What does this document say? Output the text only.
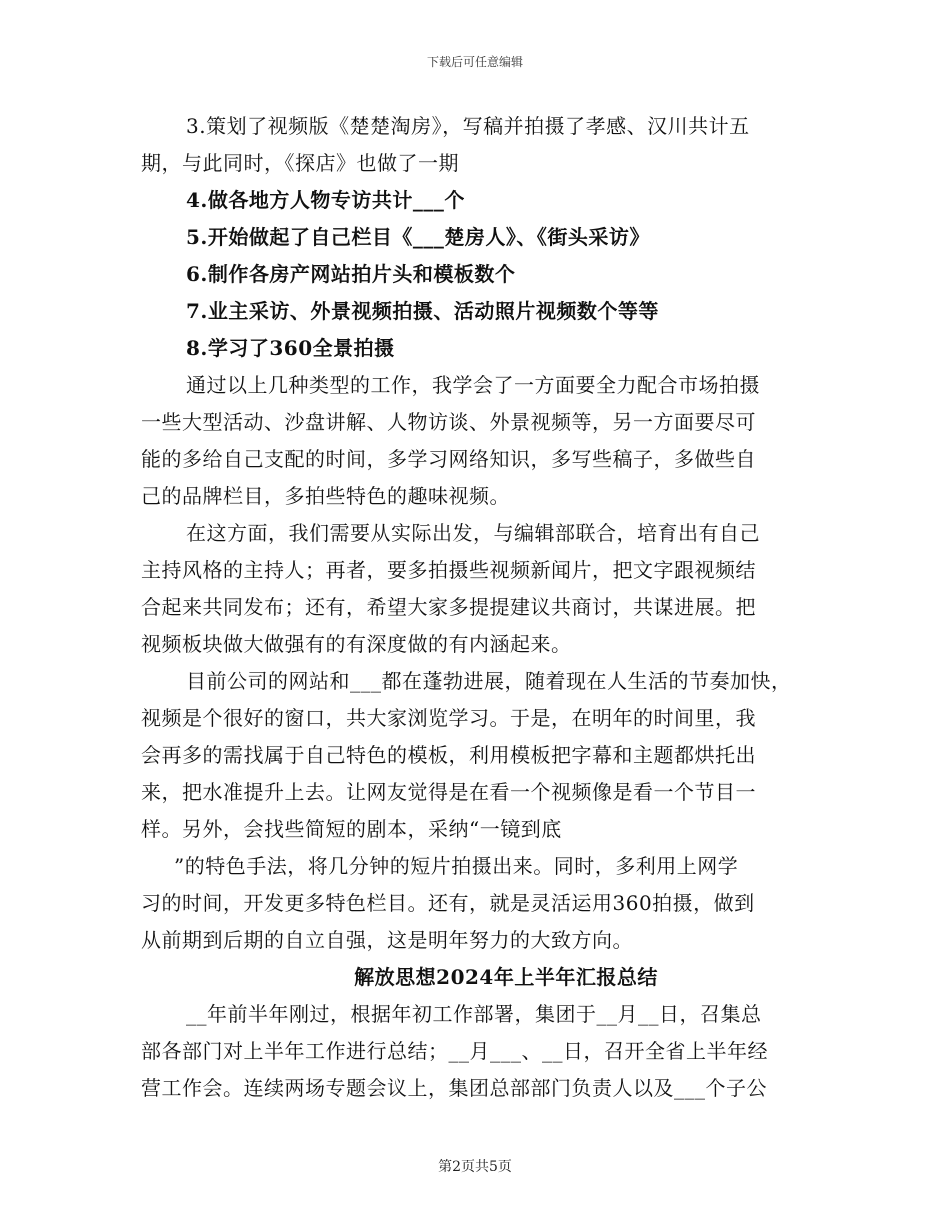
下载后可任意编辑
3.策划了视频版《楚楚淘房》，写稿并拍摄了孝感、汉川共计五
期，与此同时，《探店》也做了一期
4.做各地方人物专访共计___个
5.开始做起了自己栏目《___楚房人》、《街头采访》
6.制作各房产网站拍片头和模板数个
7.业主采访、外景视频拍摄、活动照片视频数个等等
8.学习了360全景拍摄
通过以上几种类型的工作，我学会了一方面要全力配合市场拍摄
一些大型活动、沙盘讲解、人物访谈、外景视频等，另一方面要尽可
能的多给自己支配的时间，多学习网络知识，多写些稿子，多做些自
己的品牌栏目，多拍些特色的趣味视频。
在这方面，我们需要从实际出发，与编辑部联合，培育出有自己
主持风格的主持人；再者，要多拍摄些视频新闻片，把文字跟视频结
合起来共同发布；还有，希望大家多提提建议共商讨，共谋进展。把
视频板块做大做强有的有深度做的有内涵起来。
目前公司的网站和___都在蓬勃进展，随着现在人生活的节奏加快，
视频是个很好的窗口，共大家浏览学习。于是，在明年的时间里，我
会再多的需找属于自己特色的模板，利用模板把字幕和主题都烘托出
来，把水准提升上去。让网友觉得是在看一个视频像是看一个节目一
样。另外，会找些简短的剧本，采纳“一镜到底
”的特色手法，将几分钟的短片拍摄出来。同时，多利用上网学
习的时间，开发更多特色栏目。还有，就是灵活运用360拍摄，做到
从前期到后期的自立自强，这是明年努力的大致方向。
解放思想2024年上半年汇报总结
__年前半年刚过，根据年初工作部署，集团于__月__日，召集总
部各部门对上半年工作进行总结；__月___、__日，召开全省上半年经
营工作会。连续两场专题会议上，集团总部部门负责人以及___个子公
第2页共5页
